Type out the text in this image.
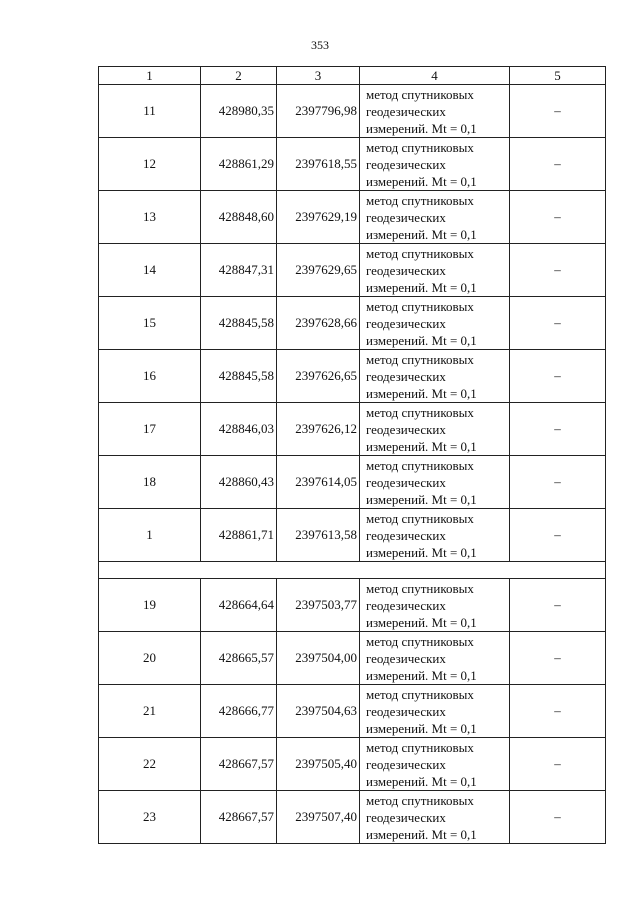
353
1	2	3	4	5
11	428980,35	2397796,98	метод спутниковых
геодезических
измерений. Mt = 0,1	–
12	428861,29	2397618,55	метод спутниковых
геодезических
измерений. Mt = 0,1	–
13	428848,60	2397629,19	метод спутниковых
геодезических
измерений. Mt = 0,1	–
14	428847,31	2397629,65	метод спутниковых
геодезических
измерений. Mt = 0,1	–
15	428845,58	2397628,66	метод спутниковых
геодезических
измерений. Mt = 0,1	–
16	428845,58	2397626,65	метод спутниковых
геодезических
измерений. Mt = 0,1	–
17	428846,03	2397626,12	метод спутниковых
геодезических
измерений. Mt = 0,1	–
18	428860,43	2397614,05	метод спутниковых
геодезических
измерений. Mt = 0,1	–
1	428861,71	2397613,58	метод спутниковых
геодезических
измерений. Mt = 0,1	–

19	428664,64	2397503,77	метод спутниковых
геодезических
измерений. Mt = 0,1	–
20	428665,57	2397504,00	метод спутниковых
геодезических
измерений. Mt = 0,1	–
21	428666,77	2397504,63	метод спутниковых
геодезических
измерений. Mt = 0,1	–
22	428667,57	2397505,40	метод спутниковых
геодезических
измерений. Mt = 0,1	–
23	428667,57	2397507,40	метод спутниковых
геодезических
измерений. Mt = 0,1	–
